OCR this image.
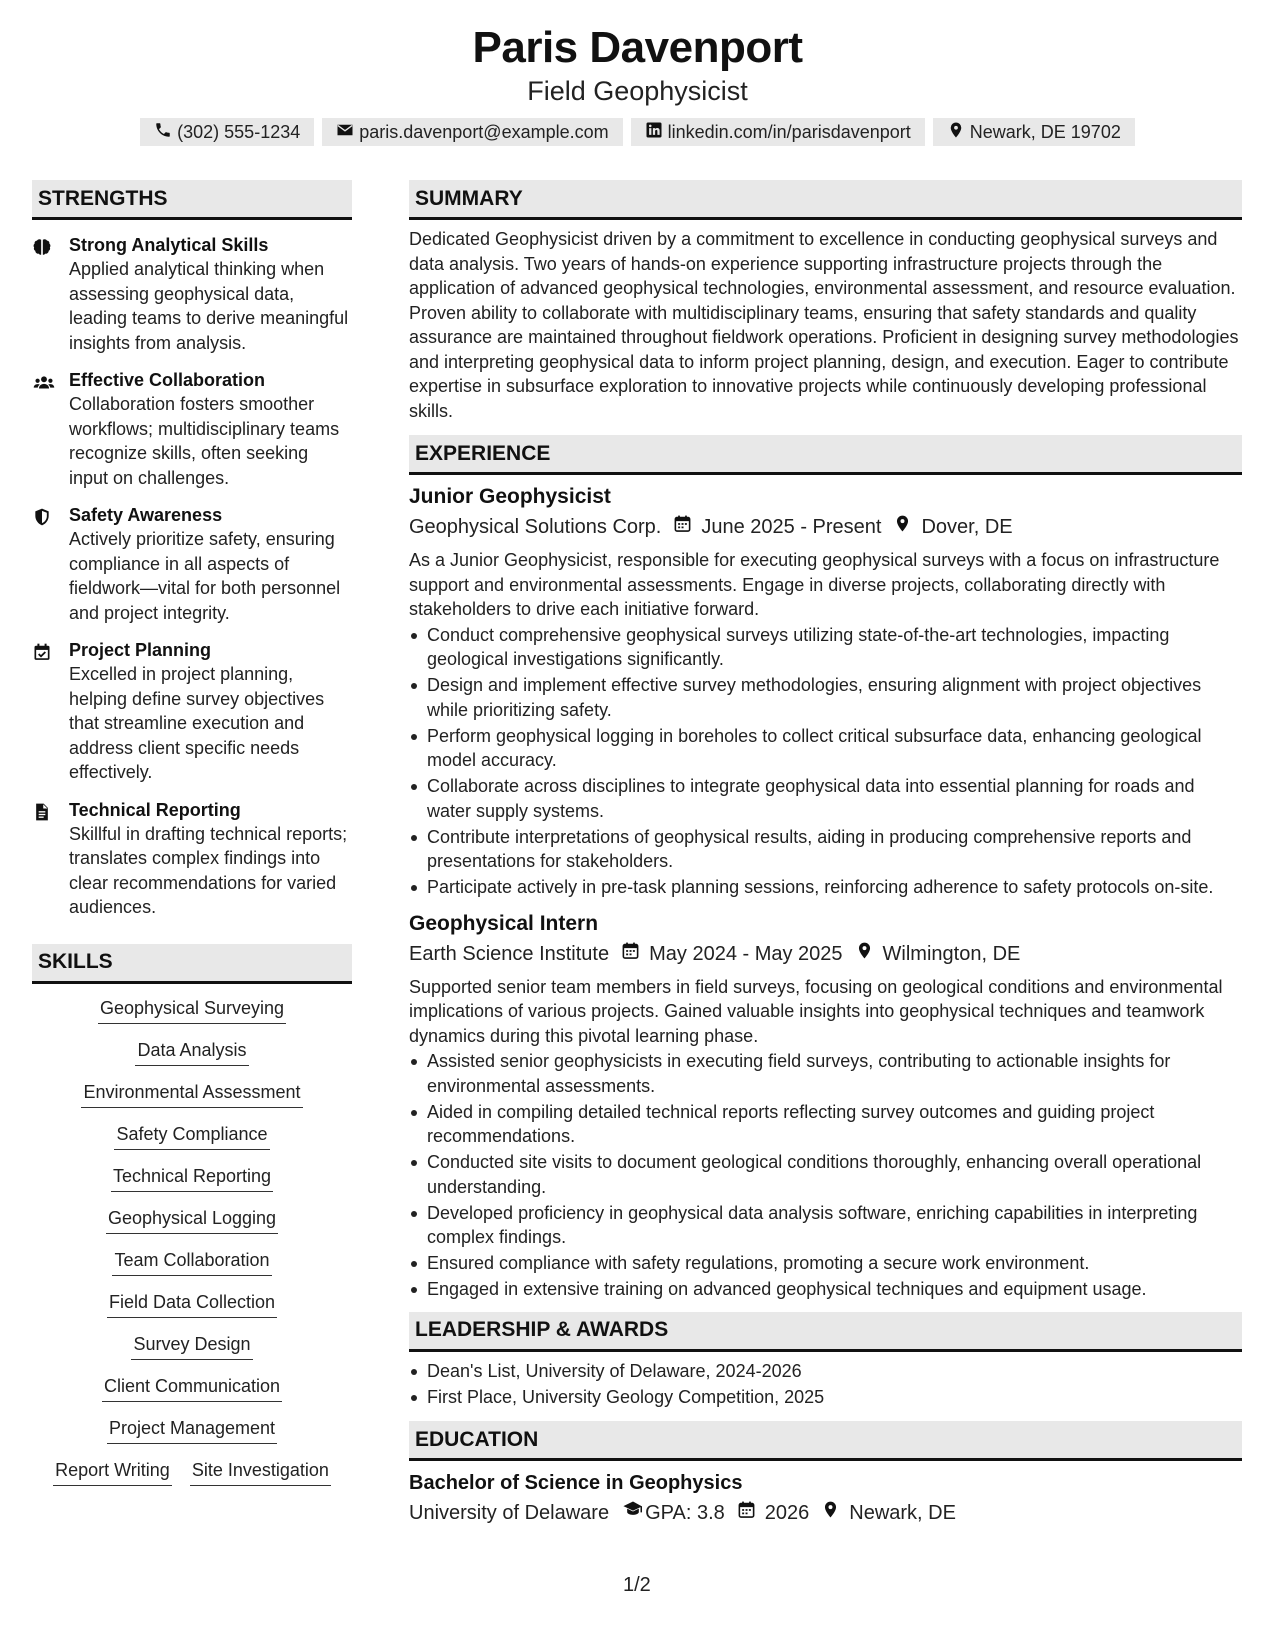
Paris Davenport
Field Geophysicist
(302) 555-1234	paris.davenport@example.com	linkedin.com/in/parisdavenport	Newark, DE 19702
STRENGTHS
Strong Analytical Skills
Applied analytical thinking when assessing geophysical data, leading teams to derive meaningful insights from analysis.
Effective Collaboration
Collaboration fosters smoother workflows; multidisciplinary teams recognize skills, often seeking input on challenges.
Safety Awareness
Actively prioritize safety, ensuring compliance in all aspects of fieldwork—vital for both personnel and project integrity.
Project Planning
Excelled in project planning, helping define survey objectives that streamline execution and address client specific needs effectively.
Technical Reporting
Skillful in drafting technical reports; translates complex findings into clear recommendations for varied audiences.
SKILLS
Geophysical Surveying
Data Analysis
Environmental Assessment
Safety Compliance
Technical Reporting
Geophysical Logging
Team Collaboration
Field Data Collection
Survey Design
Client Communication
Project Management
Report Writing Site Investigation
SUMMARY
Dedicated Geophysicist driven by a commitment to excellence in conducting geophysical surveys and data analysis. Two years of hands-on experience supporting infrastructure projects through the application of advanced geophysical technologies, environmental assessment, and resource evaluation. Proven ability to collaborate with multidisciplinary teams, ensuring that safety standards and quality assurance are maintained throughout fieldwork operations. Proficient in designing survey methodologies and interpreting geophysical data to inform project planning, design, and execution. Eager to contribute expertise in subsurface exploration to innovative projects while continuously developing professional skills.
EXPERIENCE
Junior Geophysicist
Geophysical Solutions Corp. June 2025 - Present Dover, DE
As a Junior Geophysicist, responsible for executing geophysical surveys with a focus on infrastructure support and environmental assessments. Engage in diverse projects, collaborating directly with stakeholders to drive each initiative forward.
Conduct comprehensive geophysical surveys utilizing state-of-the-art technologies, impacting geological investigations significantly.
Design and implement effective survey methodologies, ensuring alignment with project objectives while prioritizing safety.
Perform geophysical logging in boreholes to collect critical subsurface data, enhancing geological model accuracy.
Collaborate across disciplines to integrate geophysical data into essential planning for roads and water supply systems.
Contribute interpretations of geophysical results, aiding in producing comprehensive reports and presentations for stakeholders.
Participate actively in pre-task planning sessions, reinforcing adherence to safety protocols on-site.
Geophysical Intern
Earth Science Institute May 2024 - May 2025 Wilmington, DE
Supported senior team members in field surveys, focusing on geological conditions and environmental implications of various projects. Gained valuable insights into geophysical techniques and teamwork dynamics during this pivotal learning phase.
Assisted senior geophysicists in executing field surveys, contributing to actionable insights for environmental assessments.
Aided in compiling detailed technical reports reflecting survey outcomes and guiding project recommendations.
Conducted site visits to document geological conditions thoroughly, enhancing overall operational understanding.
Developed proficiency in geophysical data analysis software, enriching capabilities in interpreting complex findings.
Ensured compliance with safety regulations, promoting a secure work environment.
Engaged in extensive training on advanced geophysical techniques and equipment usage.
LEADERSHIP & AWARDS
Dean's List, University of Delaware, 2024-2026
First Place, University Geology Competition, 2025
EDUCATION
Bachelor of Science in Geophysics
University of Delaware GPA: 3.8 2026 Newark, DE
1/2
